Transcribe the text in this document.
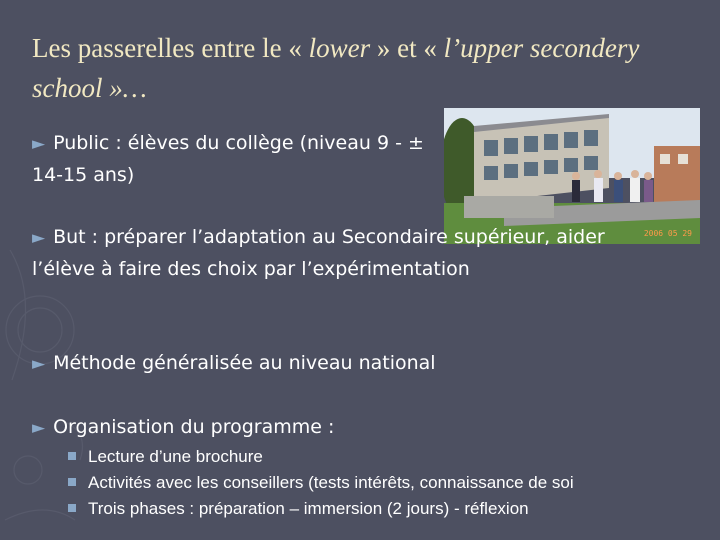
Les passerelles entre le « lower » et « l’upper secondery school »…
2006 05 29
► Public : élèves du collège (niveau 9 - ± 14-15 ans)
► But : préparer l’adaptation au Secondaire supérieur, aider l’élève à faire des choix par l’expérimentation
► Méthode généralisée au niveau national
► Organisation du programme :
Lecture d’une brochure
Activités avec les conseillers (tests intérêts, connaissance de soi
Trois phases : préparation – immersion (2 jours) - réflexion
